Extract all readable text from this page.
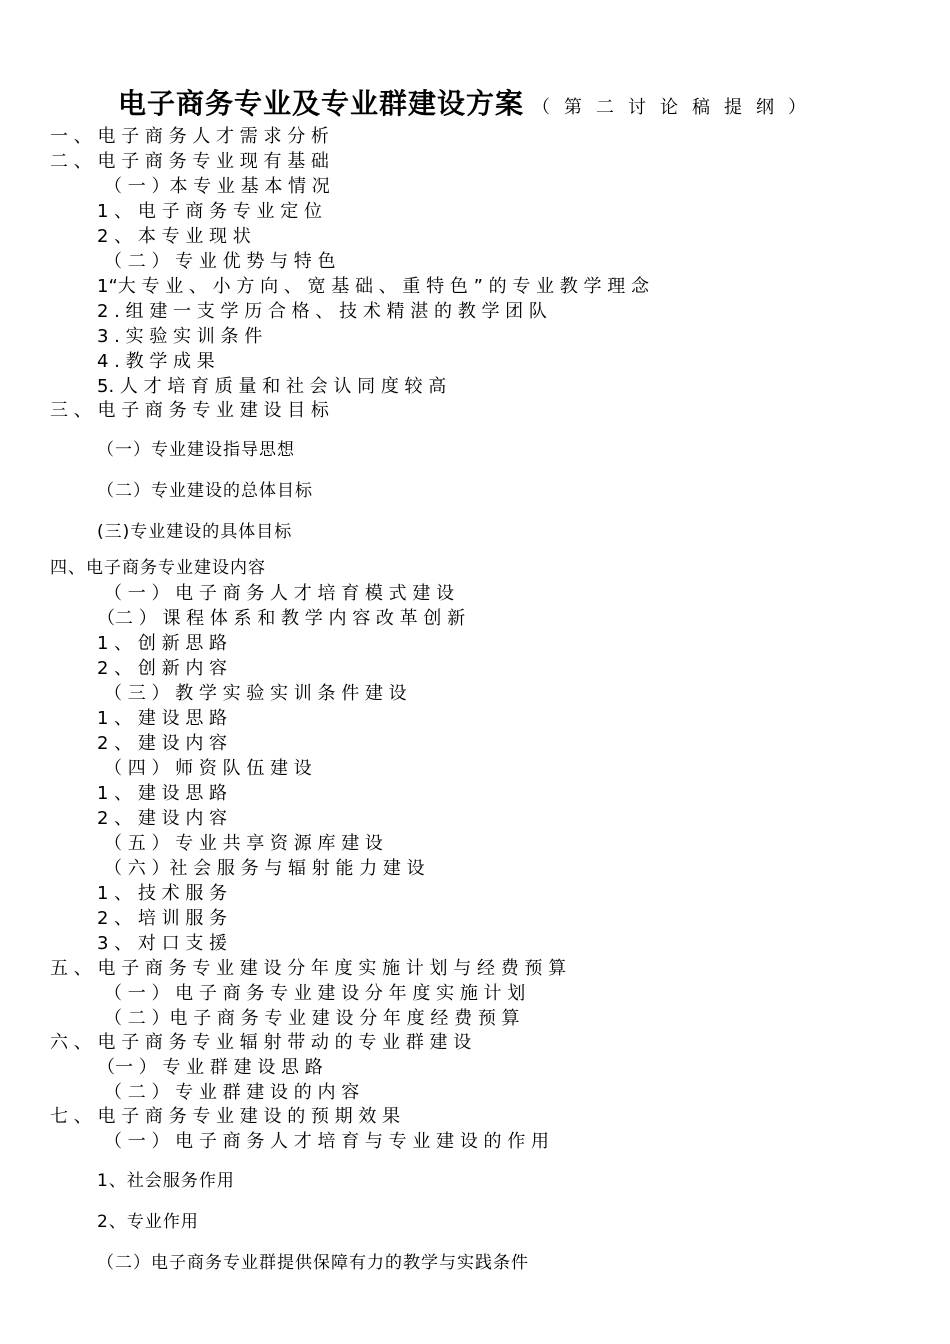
电子商务专业及专业群建设方案 （第二讨论稿提纲）
一 、 电 子 商 务 人 才 需 求 分 析
二 、 电 子 商 务 专 业 现 有 基 础
（ 一 ）本 专 业 基 本 情 况
1 、 电 子 商 务 专 业 定 位
2 、 本 专 业 现 状
（ 二 ） 专 业 优 势 与 特 色
1“大 专 业 、 小 方 向 、 宽 基 础 、 重 特 色 ” 的 专 业 教 学 理 念
2 . 组 建 一 支 学 历 合 格 、 技 术 精 湛 的 教 学 团 队
3 . 实 验 实 训 条 件
4 . 教 学 成 果
5. 人 才 培 育 质 量 和 社 会 认 同 度 较 高
三 、 电 子 商 务 专 业 建 设 目 标
（一）专业建设指导思想
（二）专业建设的总体目标
(三)专业建设的具体目标
四、电子商务专业建设内容
（ 一 ） 电 子 商 务 人 才 培 育 模 式 建 设
（二 ） 课 程 体 系 和 教 学 内 容 改 革 创 新
1 、 创 新 思 路
2 、 创 新 内 容
（ 三 ） 教 学 实 验 实 训 条 件 建 设
1 、 建 设 思 路
2 、 建 设 内 容
（ 四 ） 师 资 队 伍 建 设
1 、 建 设 思 路
2 、 建 设 内 容
（ 五 ） 专 业 共 享 资 源 库 建 设
（ 六 ）社 会 服 务 与 辐 射 能 力 建 设
1 、 技 术 服 务
2 、 培 训 服 务
3 、 对 口 支 援
五 、 电 子 商 务 专 业 建 设 分 年 度 实 施 计 划 与 经 费 预 算
（ 一 ） 电 子 商 务 专 业 建 设 分 年 度 实 施 计 划
（ 二 ）电 子 商 务 专 业 建 设 分 年 度 经 费 预 算
六 、 电 子 商 务 专 业 辐 射 带 动 的 专 业 群 建 设
（一 ） 专 业 群 建 设 思 路
（ 二 ） 专 业 群 建 设 的 内 容
七 、 电 子 商 务 专 业 建 设 的 预 期 效 果
（ 一 ） 电 子 商 务 人 才 培 育 与 专 业 建 设 的 作 用
1、社会服务作用
2、专业作用
（二）电子商务专业群提供保障有力的教学与实践条件
